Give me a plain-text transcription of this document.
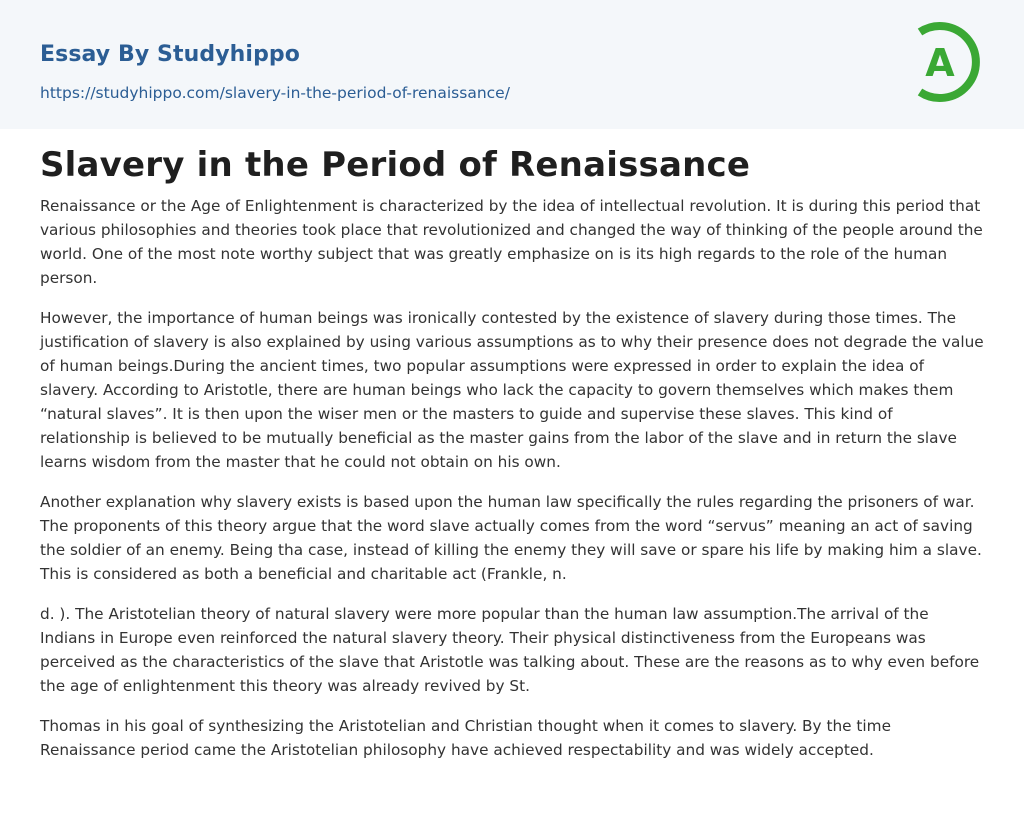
Essay By Studyhippo
https://studyhippo.com/slavery-in-the-period-of-renaissance/
A
Slavery in the Period of Renaissance

Renaissance or the Age of Enlightenment is characterized by the idea of intellectual revolution. It is during this period that various philosophies and theories took place that revolutionized and changed the way of thinking of the people around the world. One of the most note worthy subject that was greatly emphasize on is its high regards to the role of the human person.

However, the importance of human beings was ironically contested by the existence of slavery during those times. The justification of slavery is also explained by using various assumptions as to why their presence does not degrade the value of human beings.During the ancient times, two popular assumptions were expressed in order to explain the idea of slavery. According to Aristotle, there are human beings who lack the capacity to govern themselves which makes them “natural slaves”. It is then upon the wiser men or the masters to guide and supervise these slaves. This kind of relationship is believed to be mutually beneficial as the master gains from the labor of the slave and in return the slave learns wisdom from the master that he could not obtain on his own.

Another explanation why slavery exists is based upon the human law specifically the rules regarding the prisoners of war. The proponents of this theory argue that the word slave actually comes from the word “servus” meaning an act of saving the soldier of an enemy. Being tha case, instead of killing the enemy they will save or spare his life by making him a slave. This is considered as both a beneficial and charitable act (Frankle, n.

d. ). The Aristotelian theory of natural slavery were more popular than the human law assumption.The arrival of the Indians in Europe even reinforced the natural slavery theory. Their physical distinctiveness from the Europeans was perceived as the characteristics of the slave that Aristotle was talking about. These are the reasons as to why even before the age of enlightenment this theory was already revived by St.

Thomas in his goal of synthesizing the Aristotelian and Christian thought when it comes to slavery. By the time Renaissance period came the Aristotelian philosophy have achieved respectability and was widely accepted.
